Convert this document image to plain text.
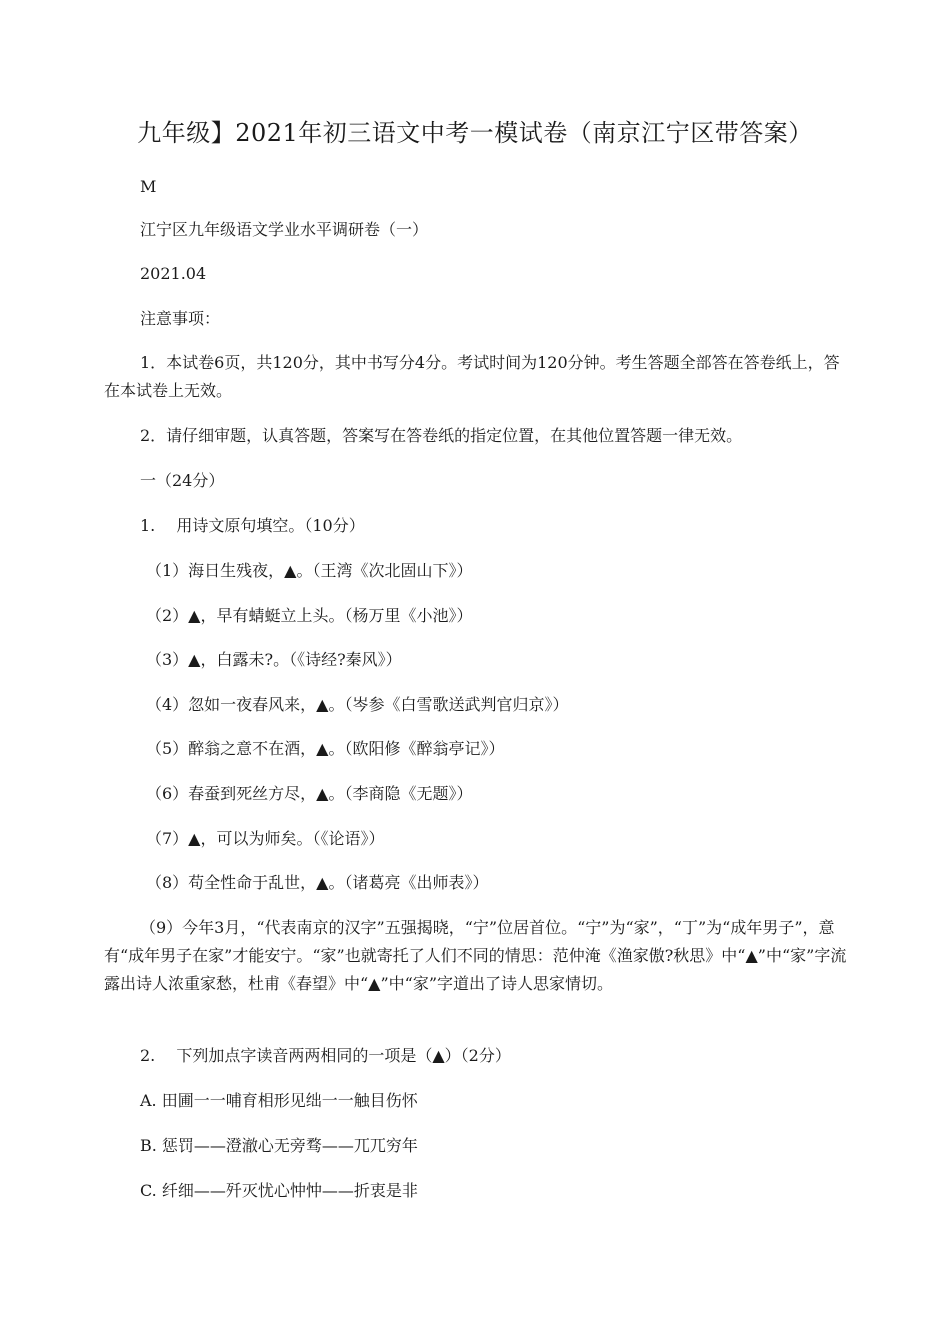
九年级】2021年初三语文中考一模试卷（南京江宁区带答案）
M
江宁区九年级语文学业水平调研卷（一）
2021.04
注意事项：
1．本试卷6页，共120分，其中书写分4分。考试时间为120分钟。考生答题全部答在答卷纸上，答在本试卷上无效。
2．请仔细审题，认真答题，答案写在答卷纸的指定位置，在其他位置答题一律无效。
一（24分）
1.　 用诗文原句填空。（10分）
（1）海日生残夜，▲。（王湾《次北固山下》）
（2）▲，早有蜻蜓立上头。（杨万里《小池》）
（3）▲，白露未?。（《诗经?秦风》）
（4）忽如一夜春风来，▲。（岑参《白雪歌送武判官归京》）
（5）醉翁之意不在酒，▲。（欧阳修《醉翁亭记》）
（6）春蚕到死丝方尽，▲。（李商隐《无题》）
（7）▲，可以为师矣。（《论语》）
（8）苟全性命于乱世，▲。（诸葛亮《出师表》）
（9）今年3月，“代表南京的汉字”五强揭晓，“宁”位居首位。“宁”为“家”，“丁”为“成年男子”，意有“成年男子在家”才能安宁。“家”也就寄托了人们不同的情思：范仲淹《渔家傲?秋思》中“▲”中“家”字流露出诗人浓重家愁，杜甫《春望》中“▲”中“家”字道出了诗人思家情切。
2.　 下列加点字读音两两相同的一项是（▲）（2分）
A. 田圃一一哺育相形见绌一一触目伤怀
B. 惩罚——澄澈心无旁骛——兀兀穷年
C. 纤细——歼灭忧心忡忡——折衷是非
